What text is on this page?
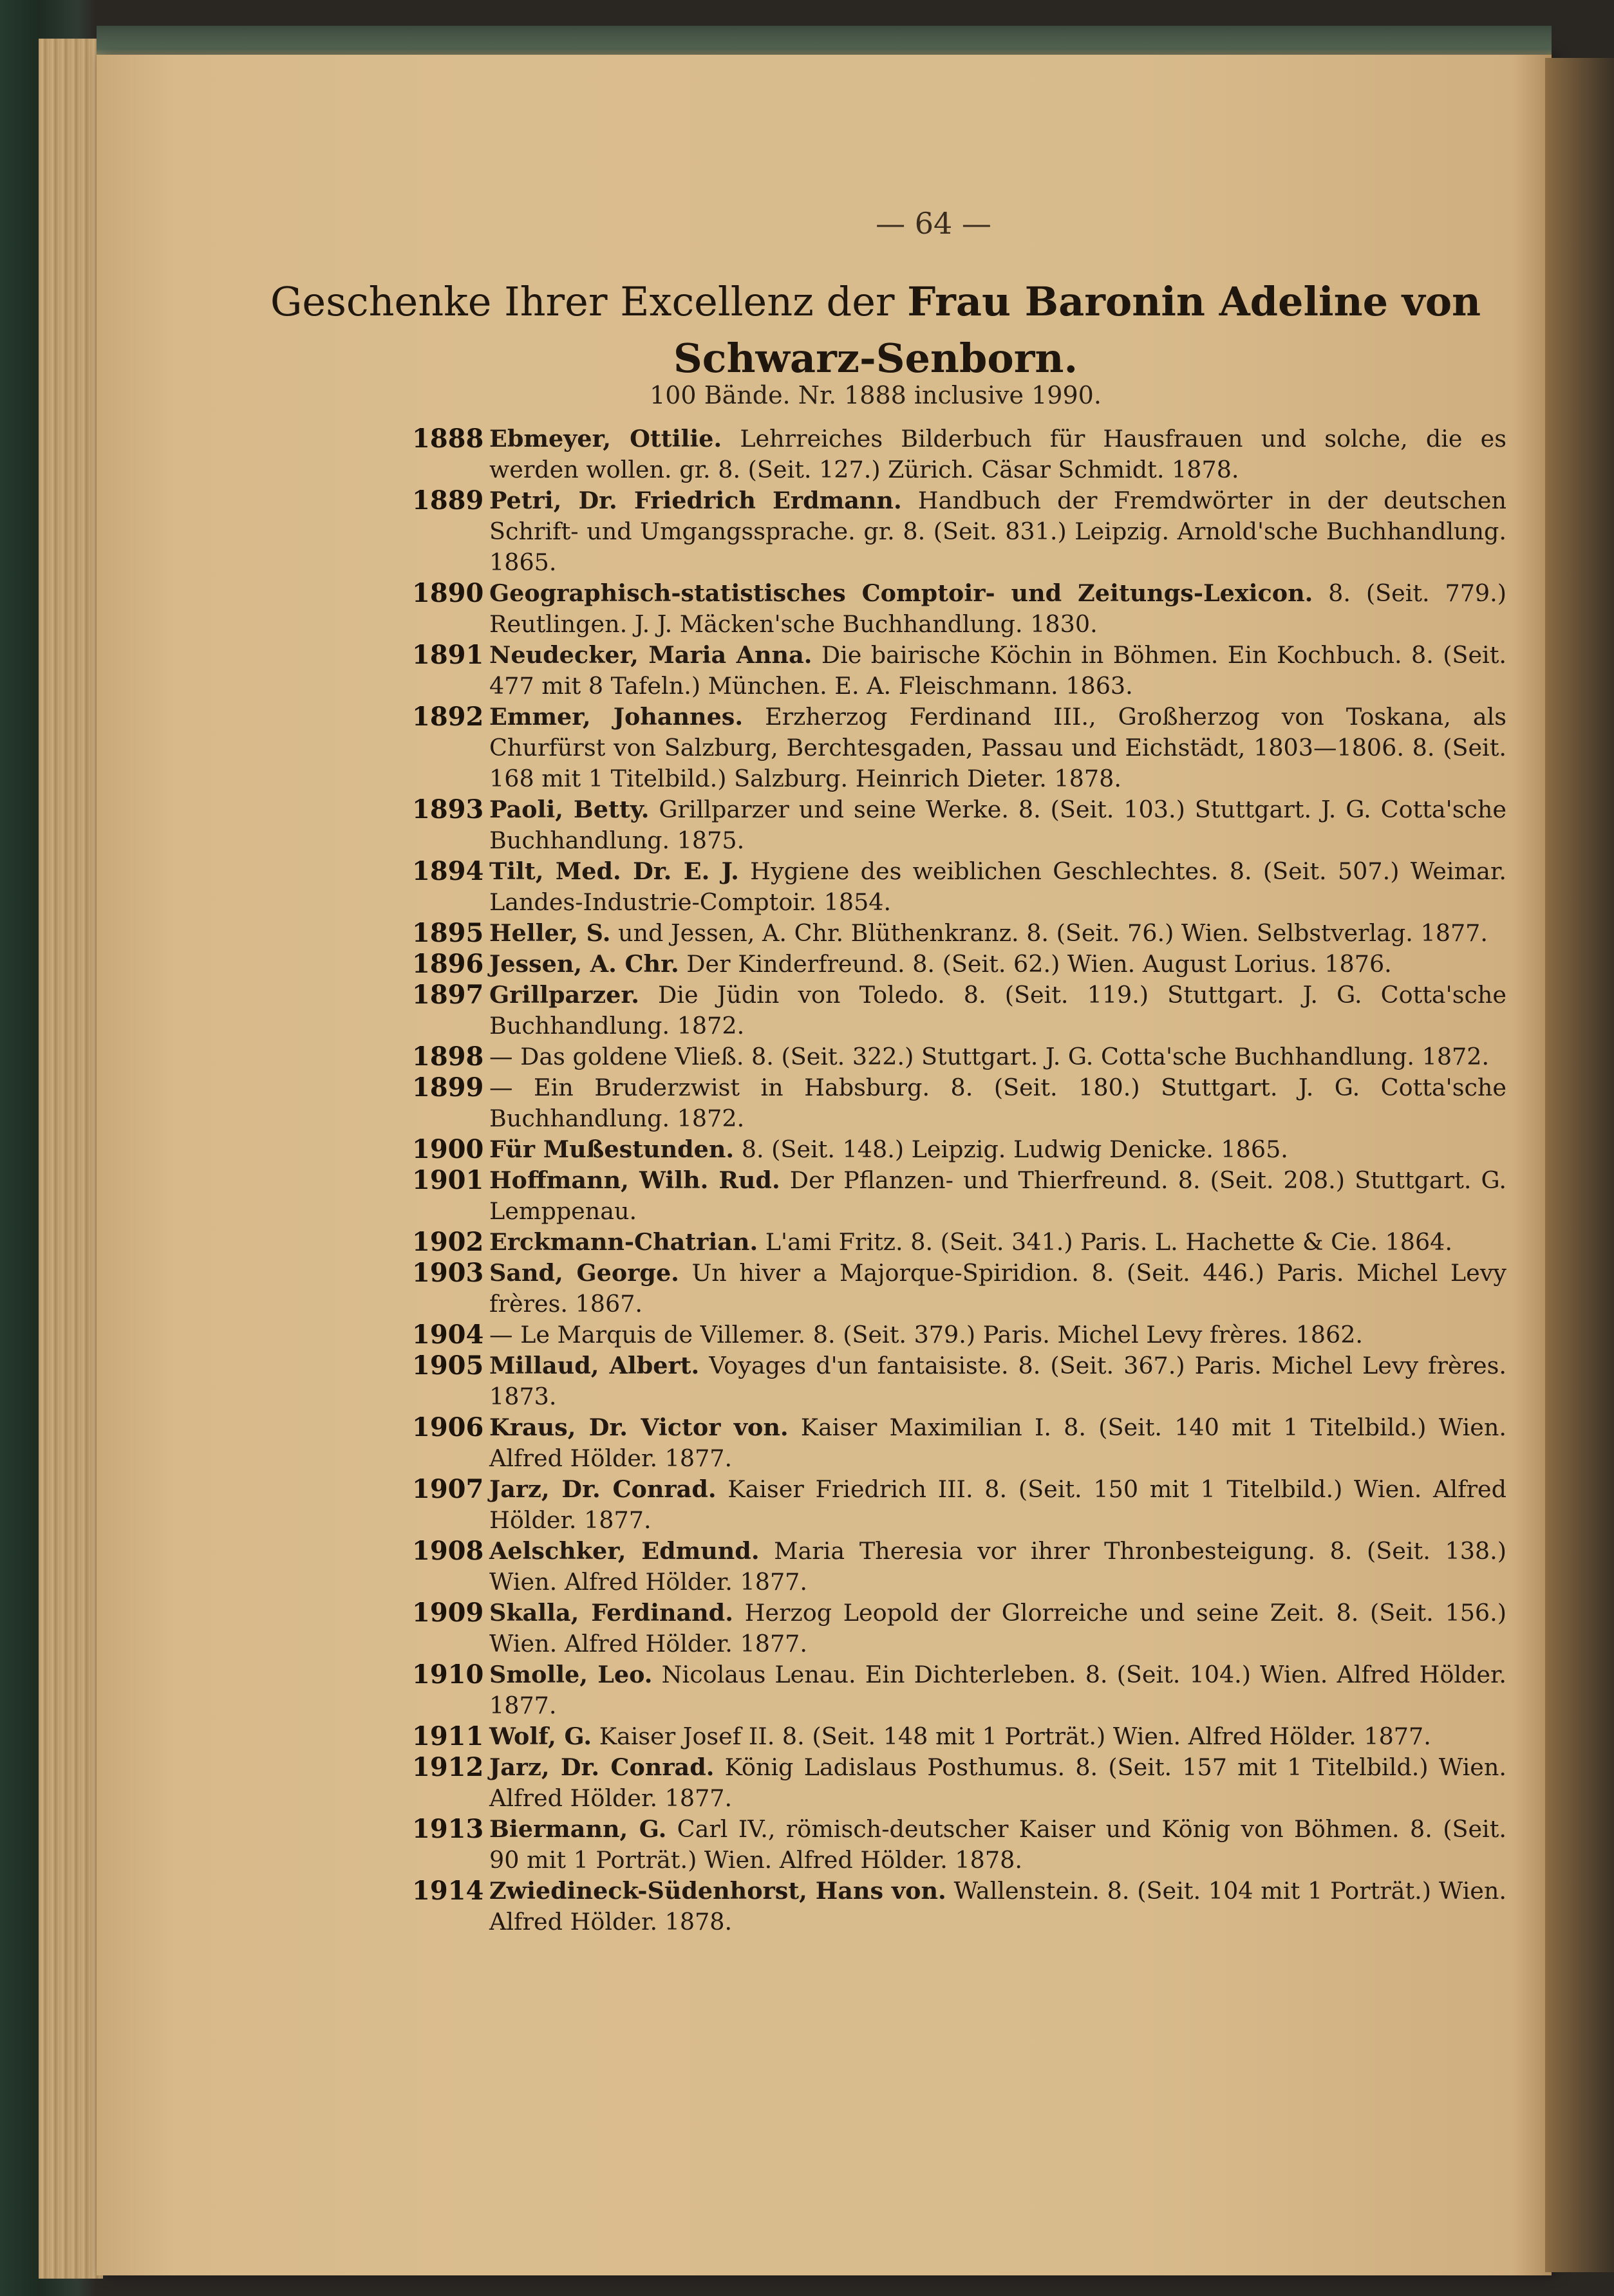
— 64 —
Geschenke Ihrer Excellenz der Frau Baronin Adeline von
Schwarz-Senborn.
100 Bände. Nr. 1888 inclusive 1990.
1888 Ebmeyer, Ottilie. Lehrreiches Bilderbuch für Hausfrauen und solche, die es werden wollen. gr. 8. (Seit. 127.) Zürich. Cäsar Schmidt. 1878.
1889 Petri, Dr. Friedrich Erdmann. Handbuch der Fremdwörter in der deutschen Schrift- und Umgangssprache. gr. 8. (Seit. 831.) Leipzig. Arnold'sche Buchhandlung. 1865.
1890 Geographisch-statistisches Comptoir- und Zeitungs-Lexicon. 8. (Seit. 779.) Reutlingen. J. J. Mäcken'sche Buchhandlung. 1830.
1891 Neudecker, Maria Anna. Die bairische Köchin in Böhmen. Ein Kochbuch. 8. (Seit. 477 mit 8 Tafeln.) München. E. A. Fleischmann. 1863.
1892 Emmer, Johannes. Erzherzog Ferdinand III., Großherzog von Toskana, als Churfürst von Salzburg, Berchtesgaden, Passau und Eichstädt, 1803—1806. 8. (Seit. 168 mit 1 Titelbild.) Salzburg. Heinrich Dieter. 1878.
1893 Paoli, Betty. Grillparzer und seine Werke. 8. (Seit. 103.) Stuttgart. J. G. Cotta'sche Buchhandlung. 1875.
1894 Tilt, Med. Dr. E. J. Hygiene des weiblichen Geschlechtes. 8. (Seit. 507.) Weimar. Landes-Industrie-Comptoir. 1854.
1895 Heller, S. und Jessen, A. Chr. Blüthenkranz. 8. (Seit. 76.) Wien. Selbstverlag. 1877.
1896 Jessen, A. Chr. Der Kinderfreund. 8. (Seit. 62.) Wien. August Lorius. 1876.
1897 Grillparzer. Die Jüdin von Toledo. 8. (Seit. 119.) Stuttgart. J. G. Cotta'sche Buchhandlung. 1872.
1898 — Das goldene Vließ. 8. (Seit. 322.) Stuttgart. J. G. Cotta'sche Buchhandlung. 1872.
1899 — Ein Bruderzwist in Habsburg. 8. (Seit. 180.) Stuttgart. J. G. Cotta'sche Buchhandlung. 1872.
1900 Für Mußestunden. 8. (Seit. 148.) Leipzig. Ludwig Denicke. 1865.
1901 Hoffmann, Wilh. Rud. Der Pflanzen- und Thierfreund. 8. (Seit. 208.) Stuttgart. G. Lemppenau.
1902 Erckmann-Chatrian. L'ami Fritz. 8. (Seit. 341.) Paris. L. Hachette & Cie. 1864.
1903 Sand, George. Un hiver a Majorque-Spiridion. 8. (Seit. 446.) Paris. Michel Levy frères. 1867.
1904 — Le Marquis de Villemer. 8. (Seit. 379.) Paris. Michel Levy frères. 1862.
1905 Millaud, Albert. Voyages d'un fantaisiste. 8. (Seit. 367.) Paris. Michel Levy frères. 1873.
1906 Kraus, Dr. Victor von. Kaiser Maximilian I. 8. (Seit. 140 mit 1 Titelbild.) Wien. Alfred Hölder. 1877.
1907 Jarz, Dr. Conrad. Kaiser Friedrich III. 8. (Seit. 150 mit 1 Titelbild.) Wien. Alfred Hölder. 1877.
1908 Aelschker, Edmund. Maria Theresia vor ihrer Thronbesteigung. 8. (Seit. 138.) Wien. Alfred Hölder. 1877.
1909 Skalla, Ferdinand. Herzog Leopold der Glorreiche und seine Zeit. 8. (Seit. 156.) Wien. Alfred Hölder. 1877.
1910 Smolle, Leo. Nicolaus Lenau. Ein Dichterleben. 8. (Seit. 104.) Wien. Alfred Hölder. 1877.
1911 Wolf, G. Kaiser Josef II. 8. (Seit. 148 mit 1 Porträt.) Wien. Alfred Hölder. 1877.
1912 Jarz, Dr. Conrad. König Ladislaus Posthumus. 8. (Seit. 157 mit 1 Titelbild.) Wien. Alfred Hölder. 1877.
1913 Biermann, G. Carl IV., römisch-deutscher Kaiser und König von Böhmen. 8. (Seit. 90 mit 1 Porträt.) Wien. Alfred Hölder. 1878.
1914 Zwiedineck-Südenhorst, Hans von. Wallenstein. 8. (Seit. 104 mit 1 Porträt.) Wien. Alfred Hölder. 1878.
